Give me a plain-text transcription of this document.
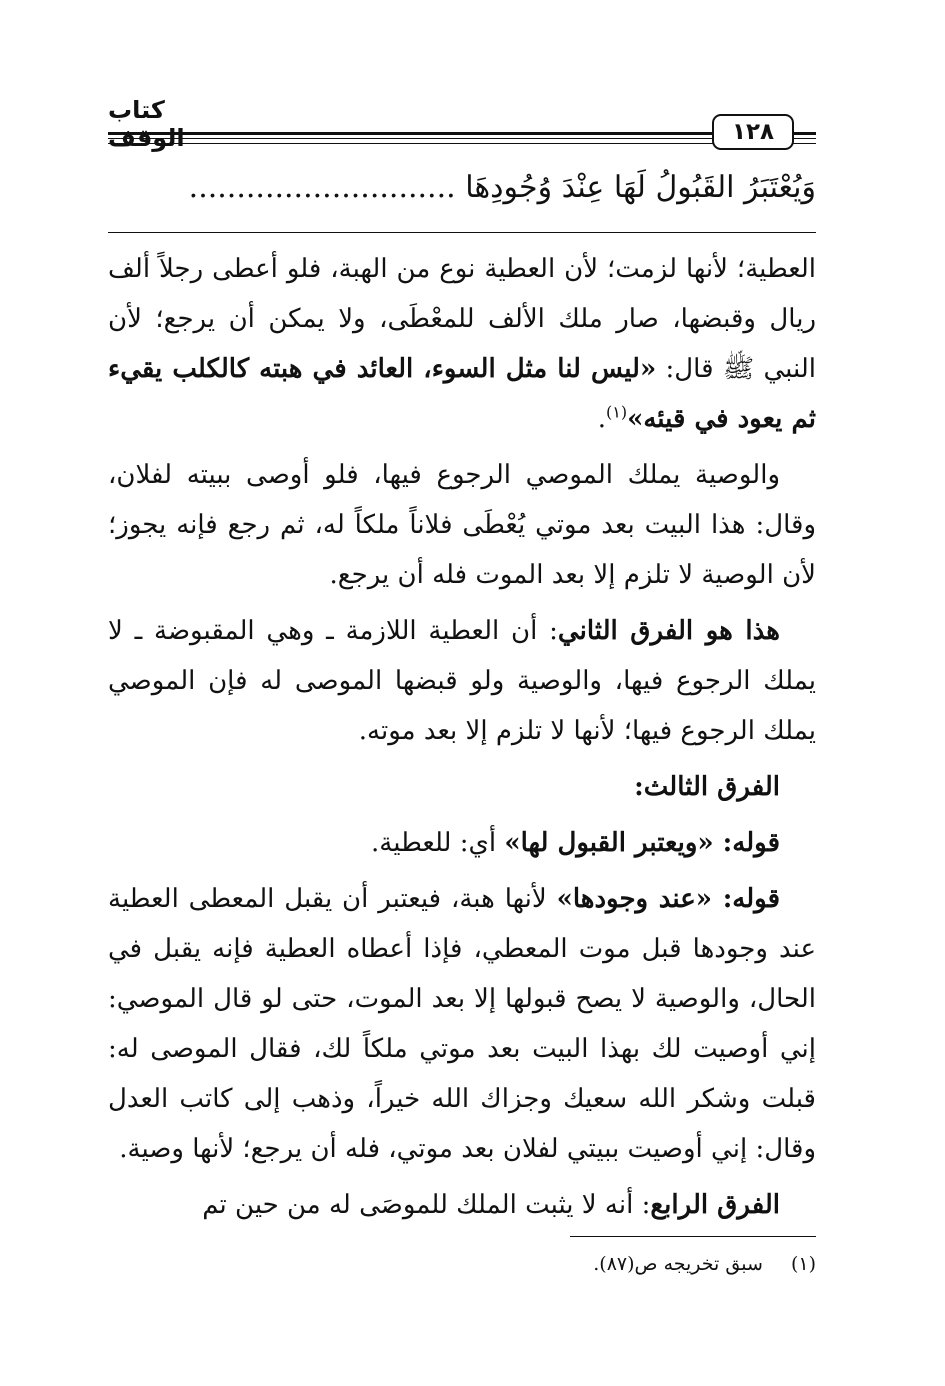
كتاب
١٢٨
وَيُعْتَبَرُ القَبُولُ لَهَا عِنْدَ وُجُودِهَا ............................

العطية؛ لأنها لزمت؛ لأن العطية نوع من الهبة، فلو أعطى رجلاً ألف ريال وقبضها، صار ملك الألف للمعْطَى، ولا يمكن أن يرجع؛ لأن النبي ﷺ قال: «ليس لنا مثل السوء، العائد في هبته كالكلب يقيء ثم يعود في قيئه»$^{(١)}$.

والوصية يملك الموصي الرجوع فيها، فلو أوصى ببيته لفلان، وقال: هذا البيت بعد موتي يُعْطَى فلاناً ملكاً له، ثم رجع فإنه يجوز؛ لأن الوصية لا تلزم إلا بعد الموت فله أن يرجع.

هذا هو الفرق الثاني: أن العطية اللازمة ـ وهي المقبوضة ـ لا يملك الرجوع فيها، والوصية ولو قبضها الموصى له فإن الموصي يملك الرجوع فيها؛ لأنها لا تلزم إلا بعد موته.

الفرق الثالث:

قوله: «ويعتبر القبول لها» أي: للعطية.

قوله: «عند وجودها» لأنها هبة، فيعتبر أن يقبل المعطى العطية عند وجودها قبل موت المعطي، فإذا أعطاه العطية فإنه يقبل في الحال، والوصية لا يصح قبولها إلا بعد الموت، حتى لو قال الموصي: إني أوصيت لك بهذا البيت بعد موتي ملكاً لك، فقال الموصى له: قبلت وشكر الله سعيك وجزاك الله خيراً، وذهب إلى كاتب العدل وقال: إني أوصيت ببيتي لفلان بعد موتي، فله أن يرجع؛ لأنها وصية.

الفرق الرابع: أنه لا يثبت الملك للموصَى له من حين تم

(١) سبق تخريجه ص(٨٧).
